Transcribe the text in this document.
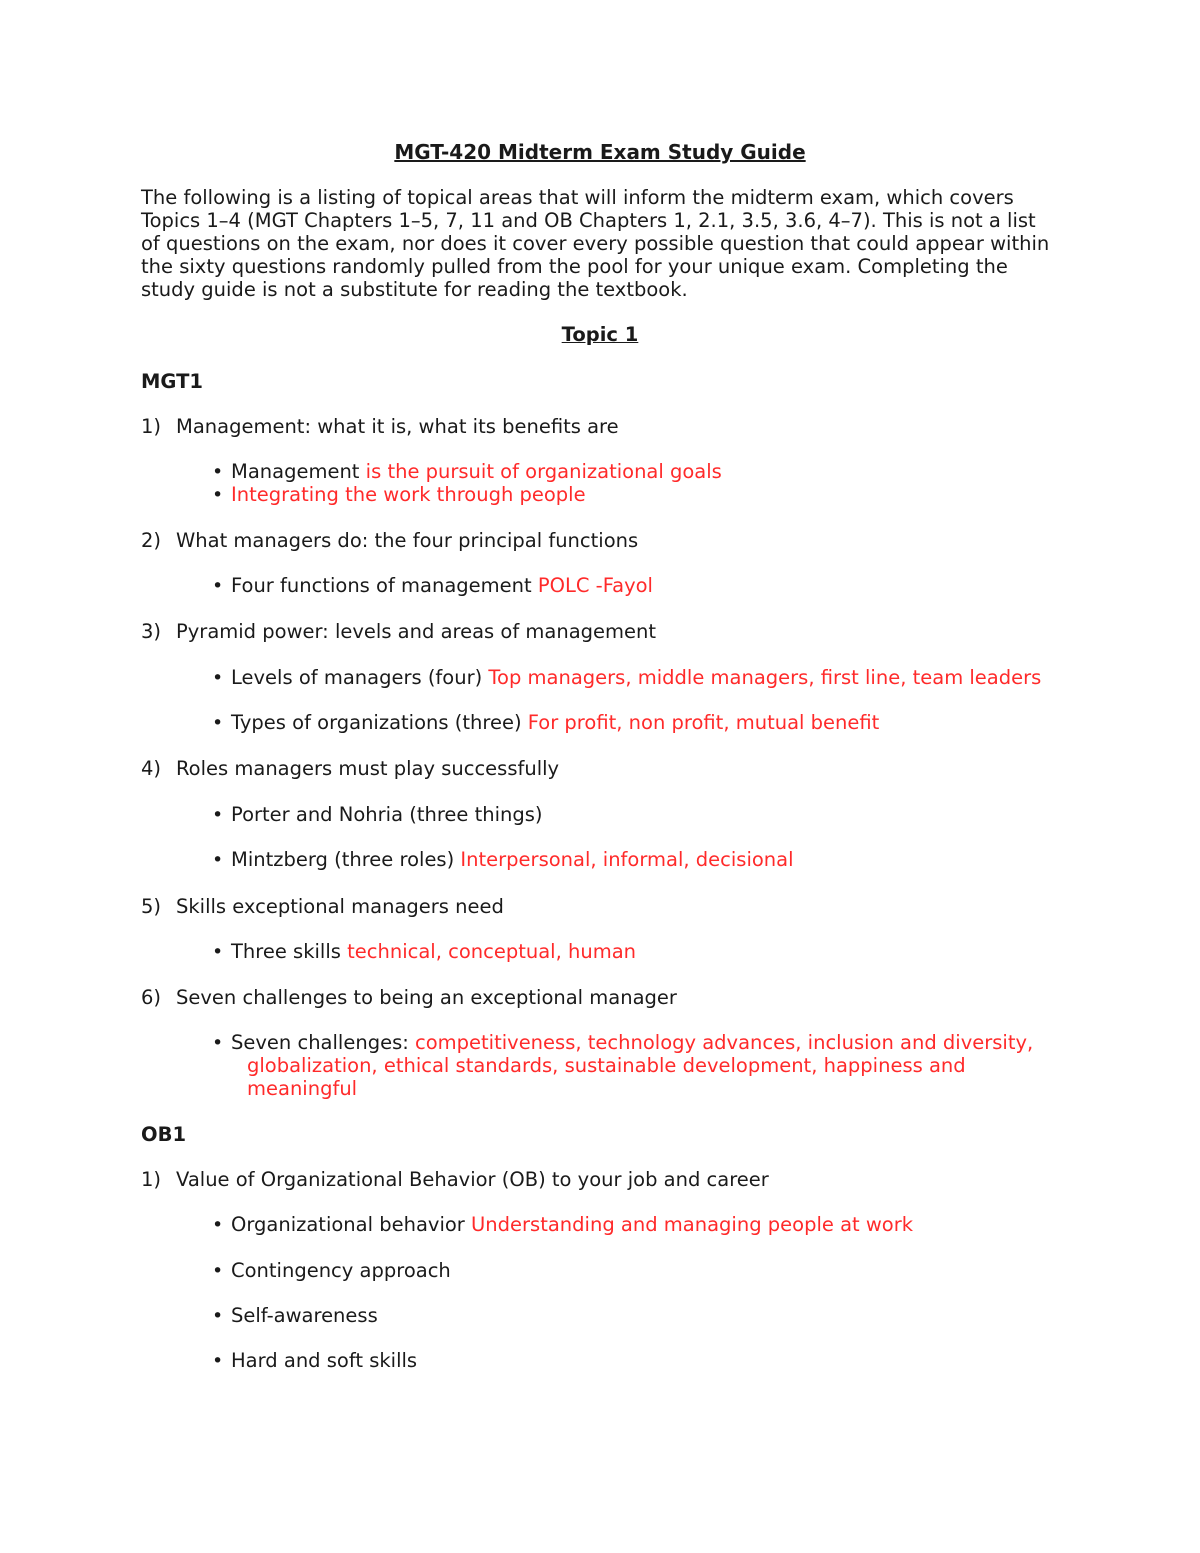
MGT-420 Midterm Exam Study Guide
The following is a listing of topical areas that will inform the midterm exam, which covers
Topics 1–4 (MGT Chapters 1–5, 7, 11 and OB Chapters 1, 2.1, 3.5, 3.6, 4–7). This is not a list
of questions on the exam, nor does it cover every possible question that could appear within
the sixty questions randomly pulled from the pool for your unique exam. Completing the
study guide is not a substitute for reading the textbook.
Topic 1
MGT1
1) Management: what it is, what its benefits are
• Management is the pursuit of organizational goals
• Integrating the work through people
2) What managers do: the four principal functions
• Four functions of management POLC -Fayol
3) Pyramid power: levels and areas of management
• Levels of managers (four) Top managers, middle managers, first line, team leaders
• Types of organizations (three) For profit, non profit, mutual benefit
4) Roles managers must play successfully
• Porter and Nohria (three things)
• Mintzberg (three roles) Interpersonal, informal, decisional
5) Skills exceptional managers need
• Three skills technical, conceptual, human
6) Seven challenges to being an exceptional manager
• Seven challenges: competitiveness, technology advances, inclusion and diversity,
globalization, ethical standards, sustainable development, happiness and
meaningful
OB1
1) Value of Organizational Behavior (OB) to your job and career
• Organizational behavior Understanding and managing people at work
• Contingency approach
• Self-awareness
• Hard and soft skills
